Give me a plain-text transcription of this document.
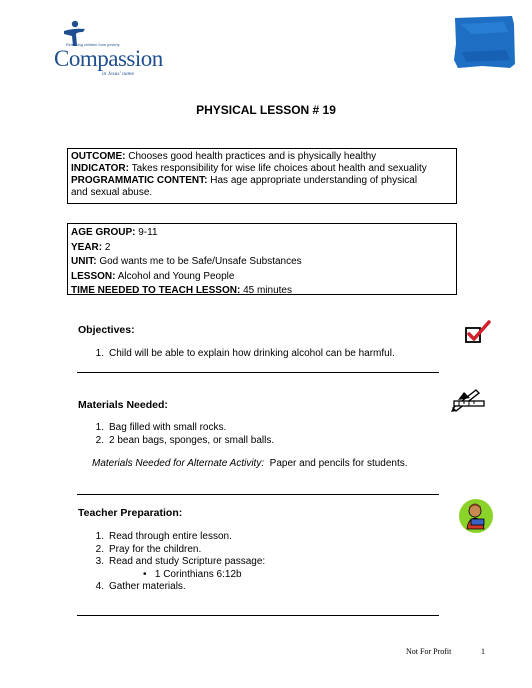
Releasing children from poverty
Compassion
in Jesus' name
PHYSICAL LESSON # 19
OUTCOME: Chooses good health practices and is physically healthy
INDICATOR: Takes responsibility for wise life choices about health and sexuality
PROGRAMMATIC CONTENT: Has age appropriate understanding of physical
and sexual abuse.
AGE GROUP: 9-11
YEAR: 2
UNIT: God wants me to be Safe/Unsafe Substances
LESSON: Alcohol and Young People
TIME NEEDED TO TEACH LESSON: 45 minutes
Objectives:
1. Child will be able to explain how drinking alcohol can be harmful.
Materials Needed:
1. Bag filled with small rocks.
2. 2 bean bags, sponges, or small balls.
Materials Needed for Alternate Activity: Paper and pencils for students.
Teacher Preparation:
1. Read through entire lesson.
2. Pray for the children.
3. Read and study Scripture passage:
• 1 Corinthians 6:12b
4. Gather materials.
Not For Profit	1
